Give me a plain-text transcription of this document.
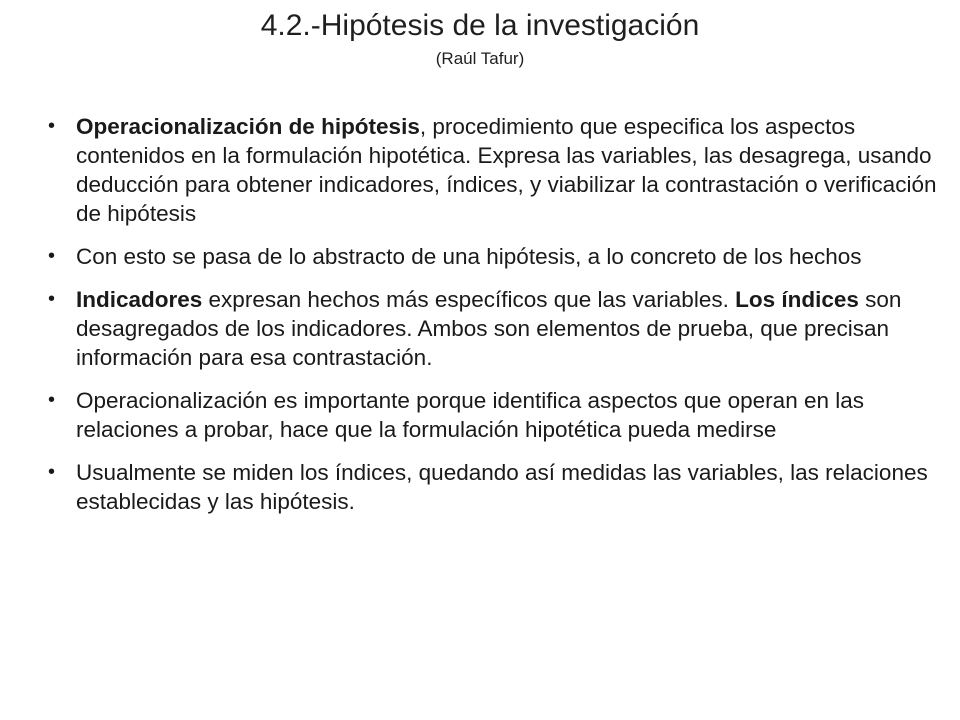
4.2.-Hipótesis de la investigación
(Raúl Tafur)
• Operacionalización de hipótesis, procedimiento que especifica los aspectos contenidos en la formulación hipotética. Expresa las variables, las desagrega, usando deducción para obtener indicadores, índices, y viabilizar la contrastación o verificación de hipótesis
• Con esto se pasa de lo abstracto de una hipótesis, a lo concreto de los hechos
• Indicadores expresan hechos más específicos que las variables. Los índices son desagregados de los indicadores. Ambos son elementos de prueba, que precisan información para esa contrastación.
• Operacionalización es importante porque identifica aspectos que operan en las relaciones a probar, hace que la formulación hipotética pueda medirse
• Usualmente se miden los índices, quedando así medidas las variables, las relaciones establecidas y las hipótesis.
